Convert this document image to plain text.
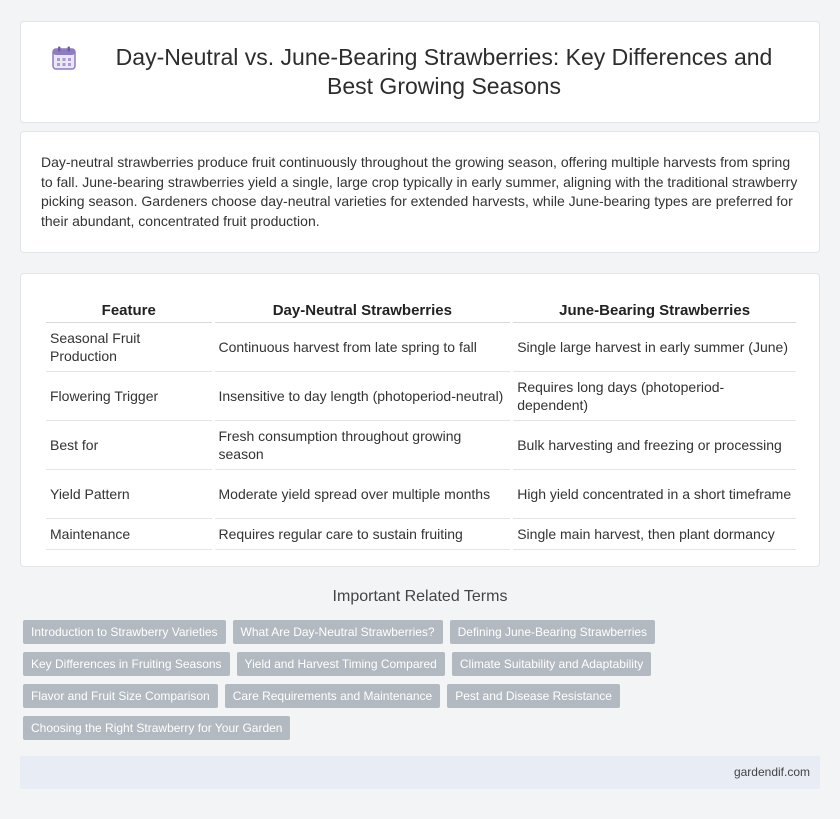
Day-Neutral vs. June-Bearing Strawberries: Key Differences and Best Growing Seasons

Day-neutral strawberries produce fruit continuously throughout the growing season, offering multiple harvests from spring to fall. June-bearing strawberries yield a single, large crop typically in early summer, aligning with the traditional strawberry picking season. Gardeners choose day-neutral varieties for extended harvests, while June-bearing types are preferred for their abundant, concentrated fruit production.

Feature	Day-Neutral Strawberries	June-Bearing Strawberries
Seasonal Fruit Production	Continuous harvest from late spring to fall	Single large harvest in early summer (June)
Flowering Trigger	Insensitive to day length (photoperiod-neutral)	Requires long days (photoperiod-dependent)
Best for	Fresh consumption throughout growing season	Bulk harvesting and freezing or processing
Yield Pattern	Moderate yield spread over multiple months	High yield concentrated in a short timeframe
Maintenance	Requires regular care to sustain fruiting	Single main harvest, then plant dormancy
Important Related Terms
Introduction to Strawberry Varieties	What Are Day-Neutral Strawberries?	Defining June-Bearing Strawberries
Key Differences in Fruiting Seasons	Yield and Harvest Timing Compared	Climate Suitability and Adaptability
Flavor and Fruit Size Comparison	Care Requirements and Maintenance	Pest and Disease Resistance
Choosing the Right Strawberry for Your Garden
gardendif.com
